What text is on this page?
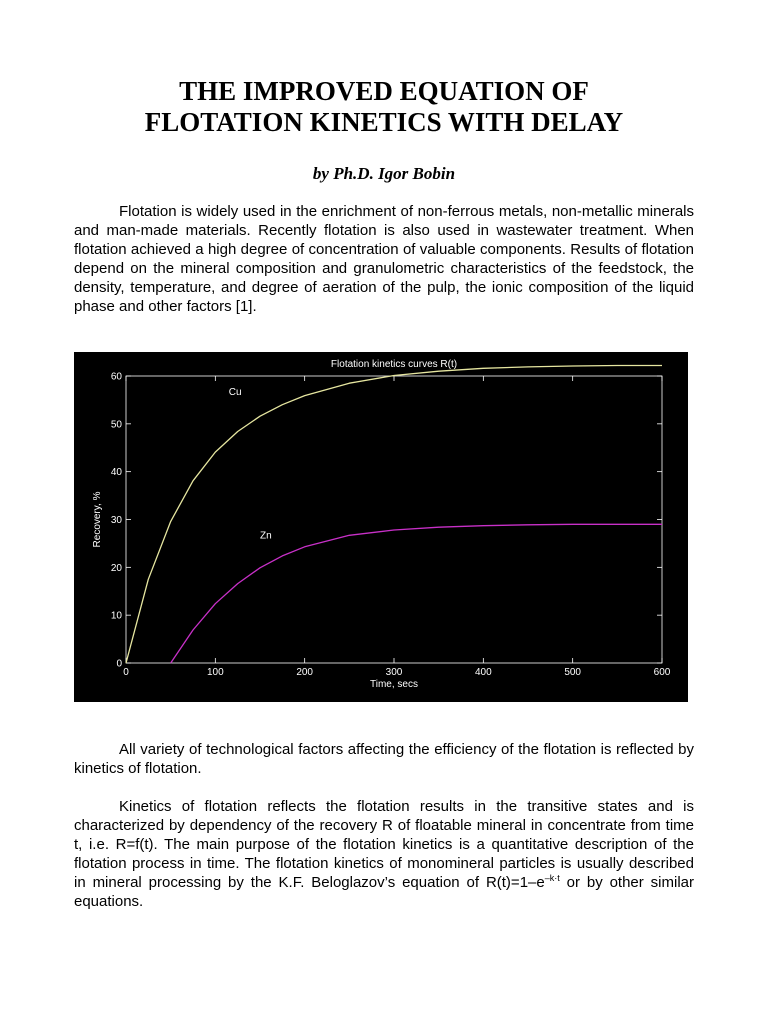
THE IMPROVED EQUATION OF
FLOTATION KINETICS WITH DELAY

by Ph.D. Igor Bobin

Flotation is widely used in the enrichment of non-ferrous metals, non-metallic minerals and man-made materials. Recently flotation is also used in wastewater treatment. When flotation achieved a high degree of concentration of valuable components. Results of flotation depend on the mineral composition and granulometric characteristics of the feedstock, the density, temperature, and degree of aeration of the pulp, the ionic composition of the liquid phase and other factors [1].

Flotation kinetics curves R(t)
0	100	200	300	400	500	600
0
10
20
30
40
50
60
Cu
Zn
Time, secs
Recovery, %

All variety of technological factors affecting the efficiency of the flotation is reflected by kinetics of flotation.

Kinetics of flotation reflects the flotation results in the transitive states and is characterized by dependency of the recovery R of floatable mineral in concentrate from time t, i.e. R=f(t). The main purpose of the flotation kinetics is a quantitative description of the flotation process in time. The flotation kinetics of monomineral particles is usually described in mineral processing by the K.F. Beloglazov’s equation of $R(t)=1-e^{-k\cdot t}$ or by other similar equations.
